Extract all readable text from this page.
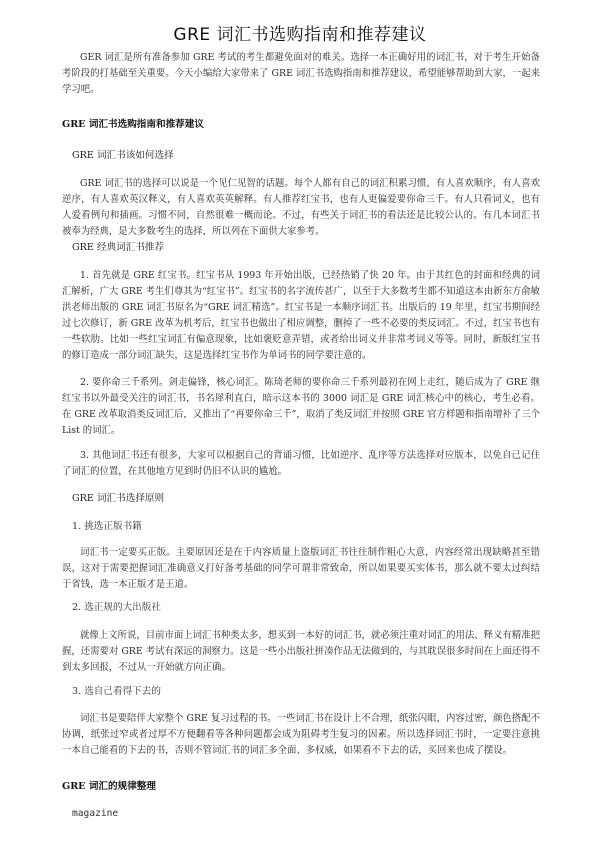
GRE 词汇书选购指南和推荐建议

GER 词汇是所有准备参加 GRE 考试的考生都避免面对的难关。选择一本正确好用的词汇书，对于考生开始备考阶段的打基础至关重要。今天小编给大家带来了 GRE 词汇书选购指南和推荐建议，希望能够帮助到大家，一起来学习吧。

GRE 词汇书选购指南和推荐建议
GRE 词汇书该如何选择

GRE 词汇书的选择可以说是一个见仁见智的话题。每个人都有自己的词汇积累习惯，有人喜欢顺序，有人喜欢逆序，有人喜欢英汉释义，有人喜欢英英解释。有人推荐红宝书，也有人更偏爱要你命三千。有人只看词义，也有人爱看例句和插画。习惯不同，自然很难一概而论。不过，有些关于词汇书的看法还是比较公认的。有几本词汇书被奉为经典，是大多数考生的选择，所以列在下面供大家参考。

GRE 经典词汇书推荐

1. 首先就是 GRE 红宝书。红宝书从 1993 年开始出版，已经热销了快 20 年。由于其红色的封面和经典的词汇解析，广大 GRE 考生们尊其为“红宝书”。红宝书的名字流传甚广，以至于大多数考生都不知道这本由新东方俞敏洪老师出版的 GRE 词汇书原名为“GRE 词汇精选”。红宝书是一本顺序词汇书。出版后的 19 年里，红宝书期间经过七次修订，新 GRE 改革为机考后，红宝书也做出了相应调整，删掉了一些不必要的类反词汇。不过，红宝书也有一些软肋。比如一些红宝词汇有偏意现象，比如褒贬意弄错，或者给出词义并非常考词义等等。同时，新版红宝书的修订造成一部分词汇缺失，这是选择红宝书作为单词书的同学要注意的。

2. 要你命三千系列。剑走偏锋，核心词汇。陈琦老师的要你命三千系列最初在网上走红，随后成为了 GRE 继红宝书以外最受关注的词汇书，书名犀利直白，暗示这本书的 3000 词汇是 GRE 词汇核心中的核心，考生必看。在 GRE 改革取消类反词汇后，又推出了“再要你命三千”，取消了类反词汇并按照 GRE 官方样题和指南增补了三个 List 的词汇。

3. 其他词汇书还有很多，大家可以根据自己的背诵习惯，比如逆序、乱序等方法选择对应版本，以免自己记住了词汇的位置，在其他地方见到时仍旧不认识的尴尬。

GRE 词汇书选择原则
1. 挑选正版书籍

词汇书一定要买正版。主要原因还是在于内容质量上盗版词汇书往往制作粗心大意，内容经常出现缺略甚至错误，这对于需要把握词汇准确意义打好备考基础的同学可谓非常致命，所以如果要买实体书，那么就不要太过纠结于省钱，选一本正版才是王道。

2. 选正规的大出版社

就像上文所说，目前市面上词汇书种类太多，想买到一本好的词汇书，就必须注重对词汇的用法、释义有精准把握，还需要对 GRE 考试有深远的洞察力。这是一些小出版社拼凑作品无法做到的，与其耽误很多时间在上面还得不到太多回报，不过从一开始就方向正确。

3. 选自己看得下去的

词汇书是要陪伴大家整个 GRE 复习过程的书。一些词汇书在设计上不合理，纸张闪眼，内容过密，颜色搭配不协调，纸张过窄或者过厚不方便翻看等各种问题都会成为阻碍考生复习的因素。所以选择词汇书时，一定要注意挑一本自己能看的下去的书，否则不管词汇书的词汇多全面、多权威，如果看不下去的话，买回来也成了摆设。

GRE 词汇的规律整理
magazine
